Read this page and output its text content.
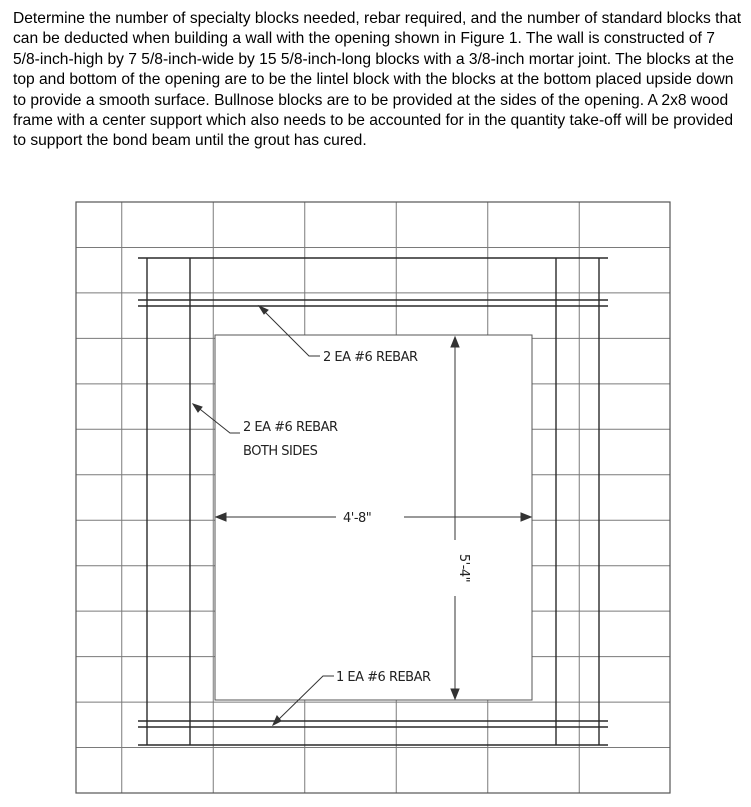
Determine the number of specialty blocks needed, rebar required, and the number of standard blocks that can be deducted when building a wall with the opening shown in Figure 1. The wall is constructed of 7 5/8-inch-high by 7 5/8-inch-wide by 15 5/8-inch-long blocks with a 3/8-inch mortar joint. The blocks at the top and bottom of the opening are to be the lintel block with the blocks at the bottom placed upside down to provide a smooth surface. Bullnose blocks are to be provided at the sides of the opening. A 2x8 wood frame with a center support which also needs to be accounted for in the quantity take-off will be provided to support the bond beam until the grout has cured.

2 EA #6 REBAR
2 EA #6 REBAR
BOTH SIDES
4'-8"
5'-4"
1 EA #6 REBAR
